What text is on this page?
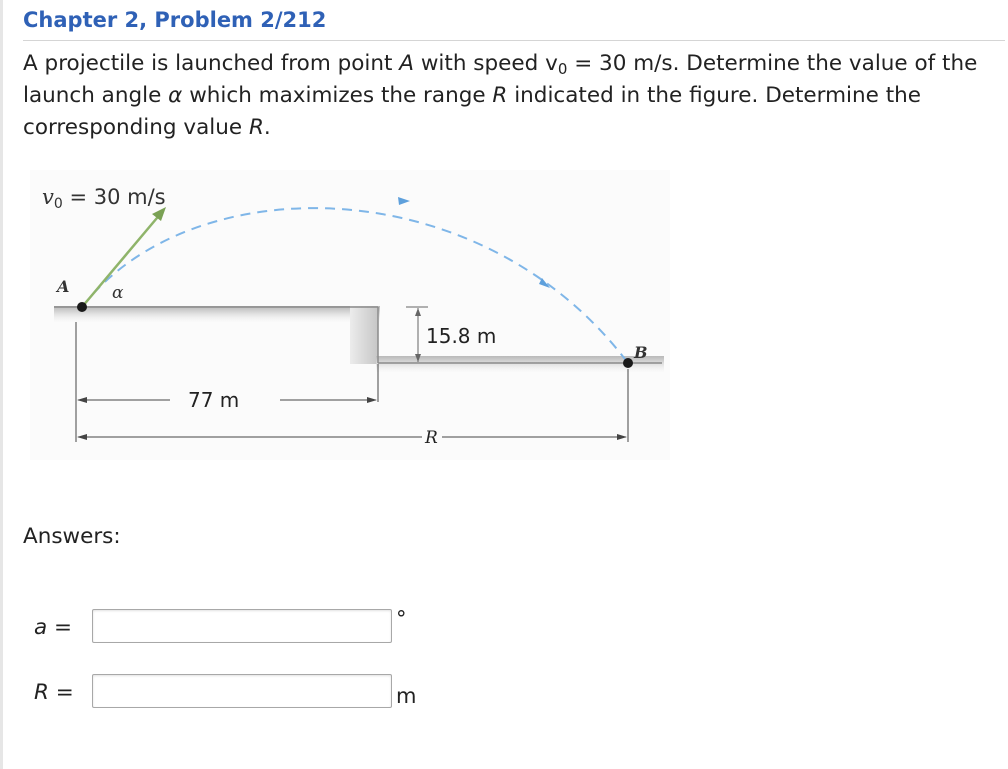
Chapter 2, Problem 2/212
A projectile is launched from point A with speed $v_0 = 30$ m/s. Determine the value of the launch angle α which maximizes the range R indicated in the figure. Determine the corresponding value R.
v0 = 30 m/s
A	α
B
15.8 m
77 m
R
Answers:
a =	°
R =	m
